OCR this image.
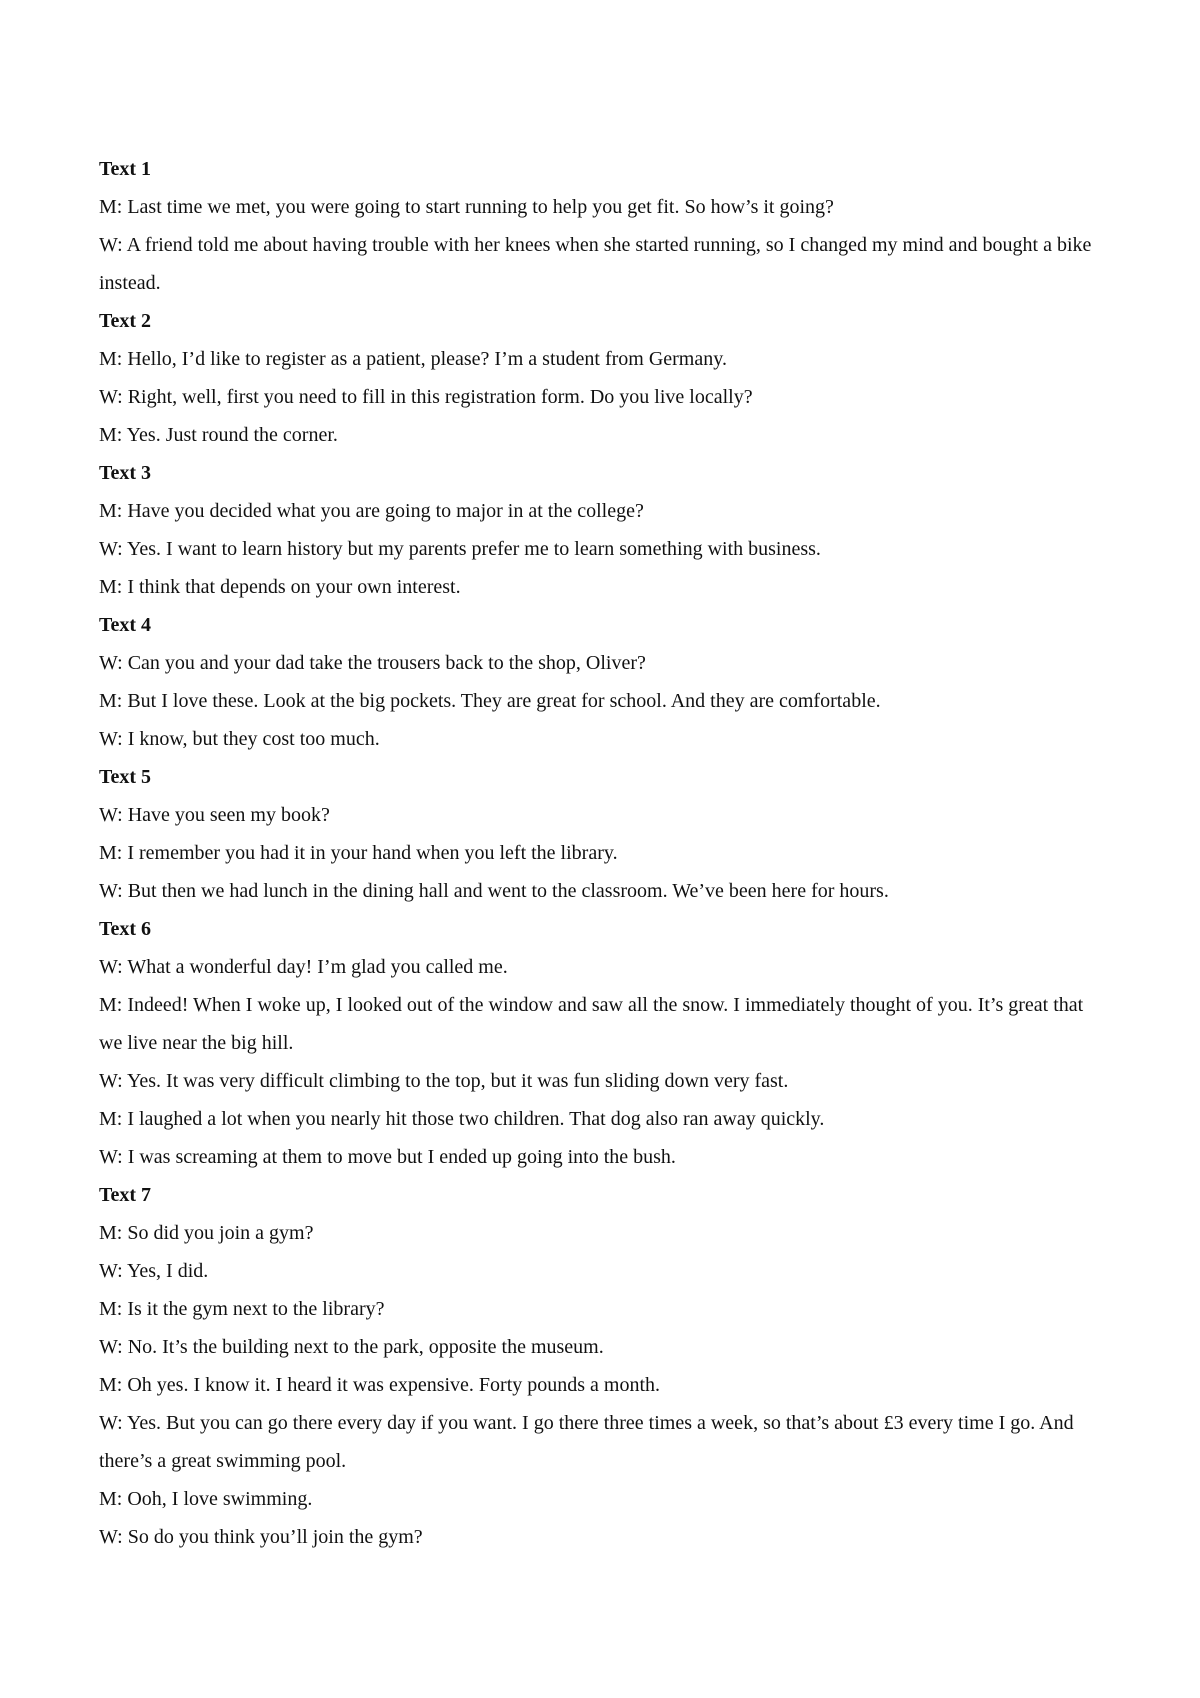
Text 1

M: Last time we met, you were going to start running to help you get fit. So how’s it going?

W: A friend told me about having trouble with her knees when she started running, so I changed my mind and bought a bike instead.

Text 2

M: Hello, I’d like to register as a patient, please? I’m a student from Germany.

W: Right, well, first you need to fill in this registration form. Do you live locally?

M: Yes. Just round the corner.

Text 3

M: Have you decided what you are going to major in at the college?

W: Yes. I want to learn history but my parents prefer me to learn something with business.

M: I think that depends on your own interest.

Text 4

W: Can you and your dad take the trousers back to the shop, Oliver?

M: But I love these. Look at the big pockets. They are great for school. And they are comfortable.

W: I know, but they cost too much.

Text 5

W: Have you seen my book?

M: I remember you had it in your hand when you left the library.

W: But then we had lunch in the dining hall and went to the classroom. We’ve been here for hours.

Text 6

W: What a wonderful day! I’m glad you called me.

M: Indeed! When I woke up, I looked out of the window and saw all the snow. I immediately thought of you. It’s great that we live near the big hill.

W: Yes. It was very difficult climbing to the top, but it was fun sliding down very fast.

M: I laughed a lot when you nearly hit those two children. That dog also ran away quickly.

W: I was screaming at them to move but I ended up going into the bush.

Text 7

M: So did you join a gym?

W: Yes, I did.

M: Is it the gym next to the library?

W: No. It’s the building next to the park, opposite the museum.

M: Oh yes. I know it. I heard it was expensive. Forty pounds a month.

W: Yes. But you can go there every day if you want. I go there three times a week, so that’s about £3 every time I go. And there’s a great swimming pool.

M: Ooh, I love swimming.

W: So do you think you’ll join the gym?
